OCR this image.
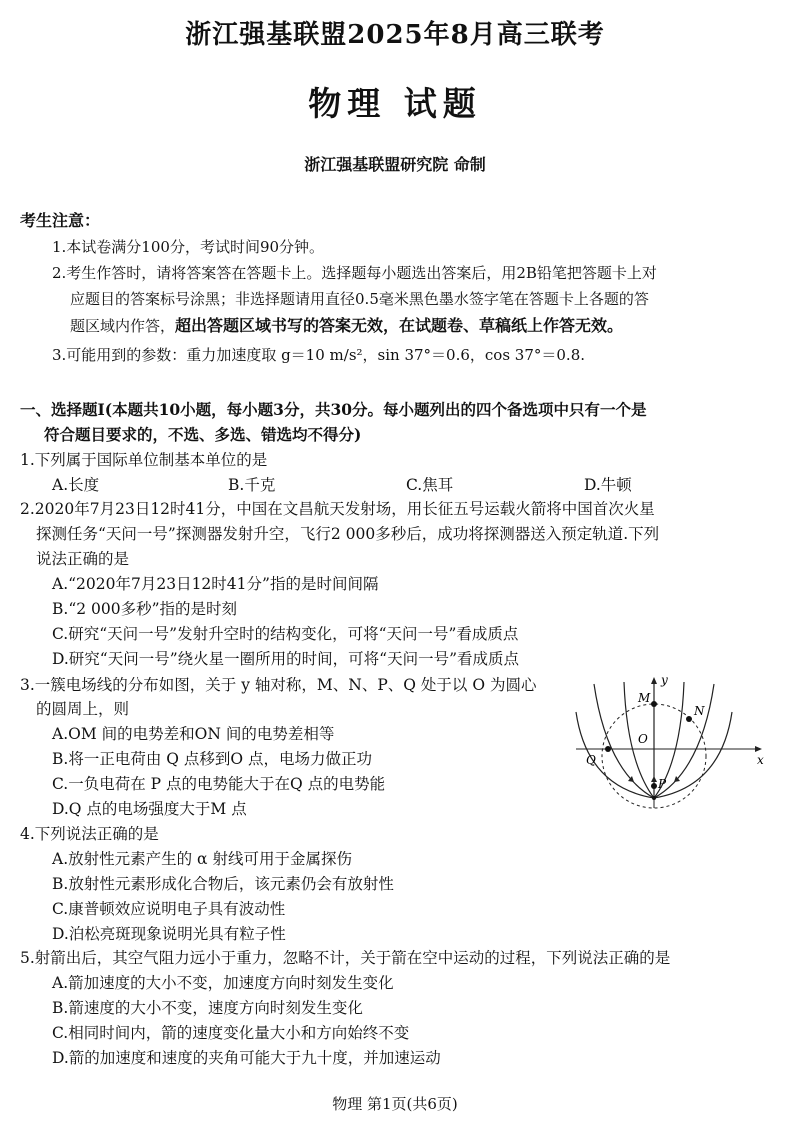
浙江强基联盟2025年8月高三联考
物理 试题
浙江强基联盟研究院 命制
考生注意：
1.本试卷满分100分，考试时间90分钟。
2.考生作答时，请将答案答在答题卡上。选择题每小题选出答案后，用2B铅笔把答题卡上对
应题目的答案标号涂黑；非选择题请用直径0.5毫米黑色墨水签字笔在答题卡上各题的答
题区域内作答，超出答题区域书写的答案无效，在试题卷、草稿纸上作答无效。
3.可能用到的参数：重力加速度取 g＝10 m/s²，sin 37°＝0.6，cos 37°＝0.8.
一、选择题Ⅰ(本题共10小题，每小题3分，共30分。每小题列出的四个备选项中只有一个是
符合题目要求的，不选、多选、错选均不得分)
1.下列属于国际单位制基本单位的是
A.长度	B.千克	C.焦耳	D.牛顿
2.2020年7月23日12时41分，中国在文昌航天发射场，用长征五号运载火箭将中国首次火星
探测任务“天问一号”探测器发射升空，飞行2 000多秒后，成功将探测器送入预定轨道.下列
说法正确的是
A.“2020年7月23日12时41分”指的是时间间隔
B.“2 000多秒”指的是时刻
C.研究“天问一号”发射升空时的结构变化，可将“天问一号”看成质点
D.研究“天问一号”绕火星一圈所用的时间，可将“天问一号”看成质点
3.一簇电场线的分布如图，关于 y 轴对称，M、N、P、Q 处于以 O 为圆心
的圆周上，则
A.OM 间的电势差和ON 间的电势差相等
B.将一正电荷由 Q 点移到O 点，电场力做正功
C.一负电荷在 P 点的电势能大于在Q 点的电势能
D.Q 点的电场强度大于M 点
M
N
O
P
Q	x
y
4.下列说法正确的是
A.放射性元素产生的 α 射线可用于金属探伤
B.放射性元素形成化合物后，该元素仍会有放射性
C.康普顿效应说明电子具有波动性
D.泊松亮斑现象说明光具有粒子性
5.射箭出后，其空气阻力远小于重力，忽略不计，关于箭在空中运动的过程，下列说法正确的是
A.箭加速度的大小不变，加速度方向时刻发生变化
B.箭速度的大小不变，速度方向时刻发生变化
C.相同时间内，箭的速度变化量大小和方向始终不变
D.箭的加速度和速度的夹角可能大于九十度，并加速运动
物理 第1页(共6页)
